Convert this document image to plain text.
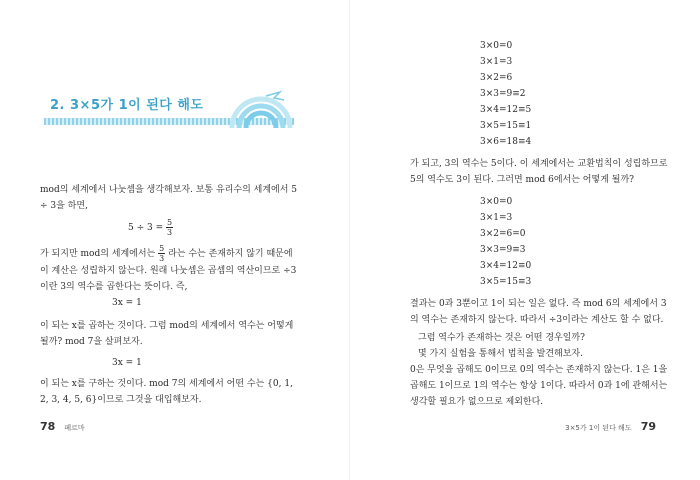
2. 3×5가 1이 된다 해도

mod의 세계에서 나눗셈을 생각해보자. 보통 유리수의 세계에서 5 ÷ 3을 하면,

$5 \div 3 = \frac{5}{3}$

가 되지만 mod의 세계에서는 $\frac{5}{3}$ 라는 수는 존재하지 않기 때문에 이 계산은 성립하지 않는다. 원래 나눗셈은 곱셈의 역산이므로 ÷3이란 3의 역수를 곱한다는 뜻이다. 즉,

3x = 1

이 되는 x를 곱하는 것이다. 그럼 mod의 세계에서 역수는 어떻게 될까? mod 7을 살펴보자.

3x = 1

이 되는 x를 구하는 것이다. mod 7의 세계에서 어떤 수는 {0, 1, 2, 3, 4, 5, 6}이므로 그것을 대입해보자.

78 페르마
3×0=0
3×1=3
3×2=6
3×3=9≡2
3×4=12≡5
3×5=15≡1
3×6=18≡4

가 되고, 3의 역수는 5이다. 이 세계에서는 교환법칙이 성립하므로 5의 역수도 3이 된다. 그러면 mod 6에서는 어떻게 될까?

3×0=0
3×1=3
3×2=6=0
3×3=9≡3
3×4=12≡0
3×5=15≡3

결과는 0과 3뿐이고 1이 되는 일은 없다. 즉 mod 6의 세계에서 3의 역수는 존재하지 않는다. 따라서 ÷3이라는 계산도 할 수 없다.

그럼 역수가 존재하는 것은 어떤 경우일까?

몇 가지 실험을 통해서 법칙을 발견해보자.

0은 무엇을 곱해도 0이므로 0의 역수는 존재하지 않는다. 1은 1을 곱해도 1이므로 1의 역수는 항상 1이다. 따라서 0과 1에 관해서는 생각할 필요가 없으므로 제외한다.

3×5가 1이 된다 해도 79
